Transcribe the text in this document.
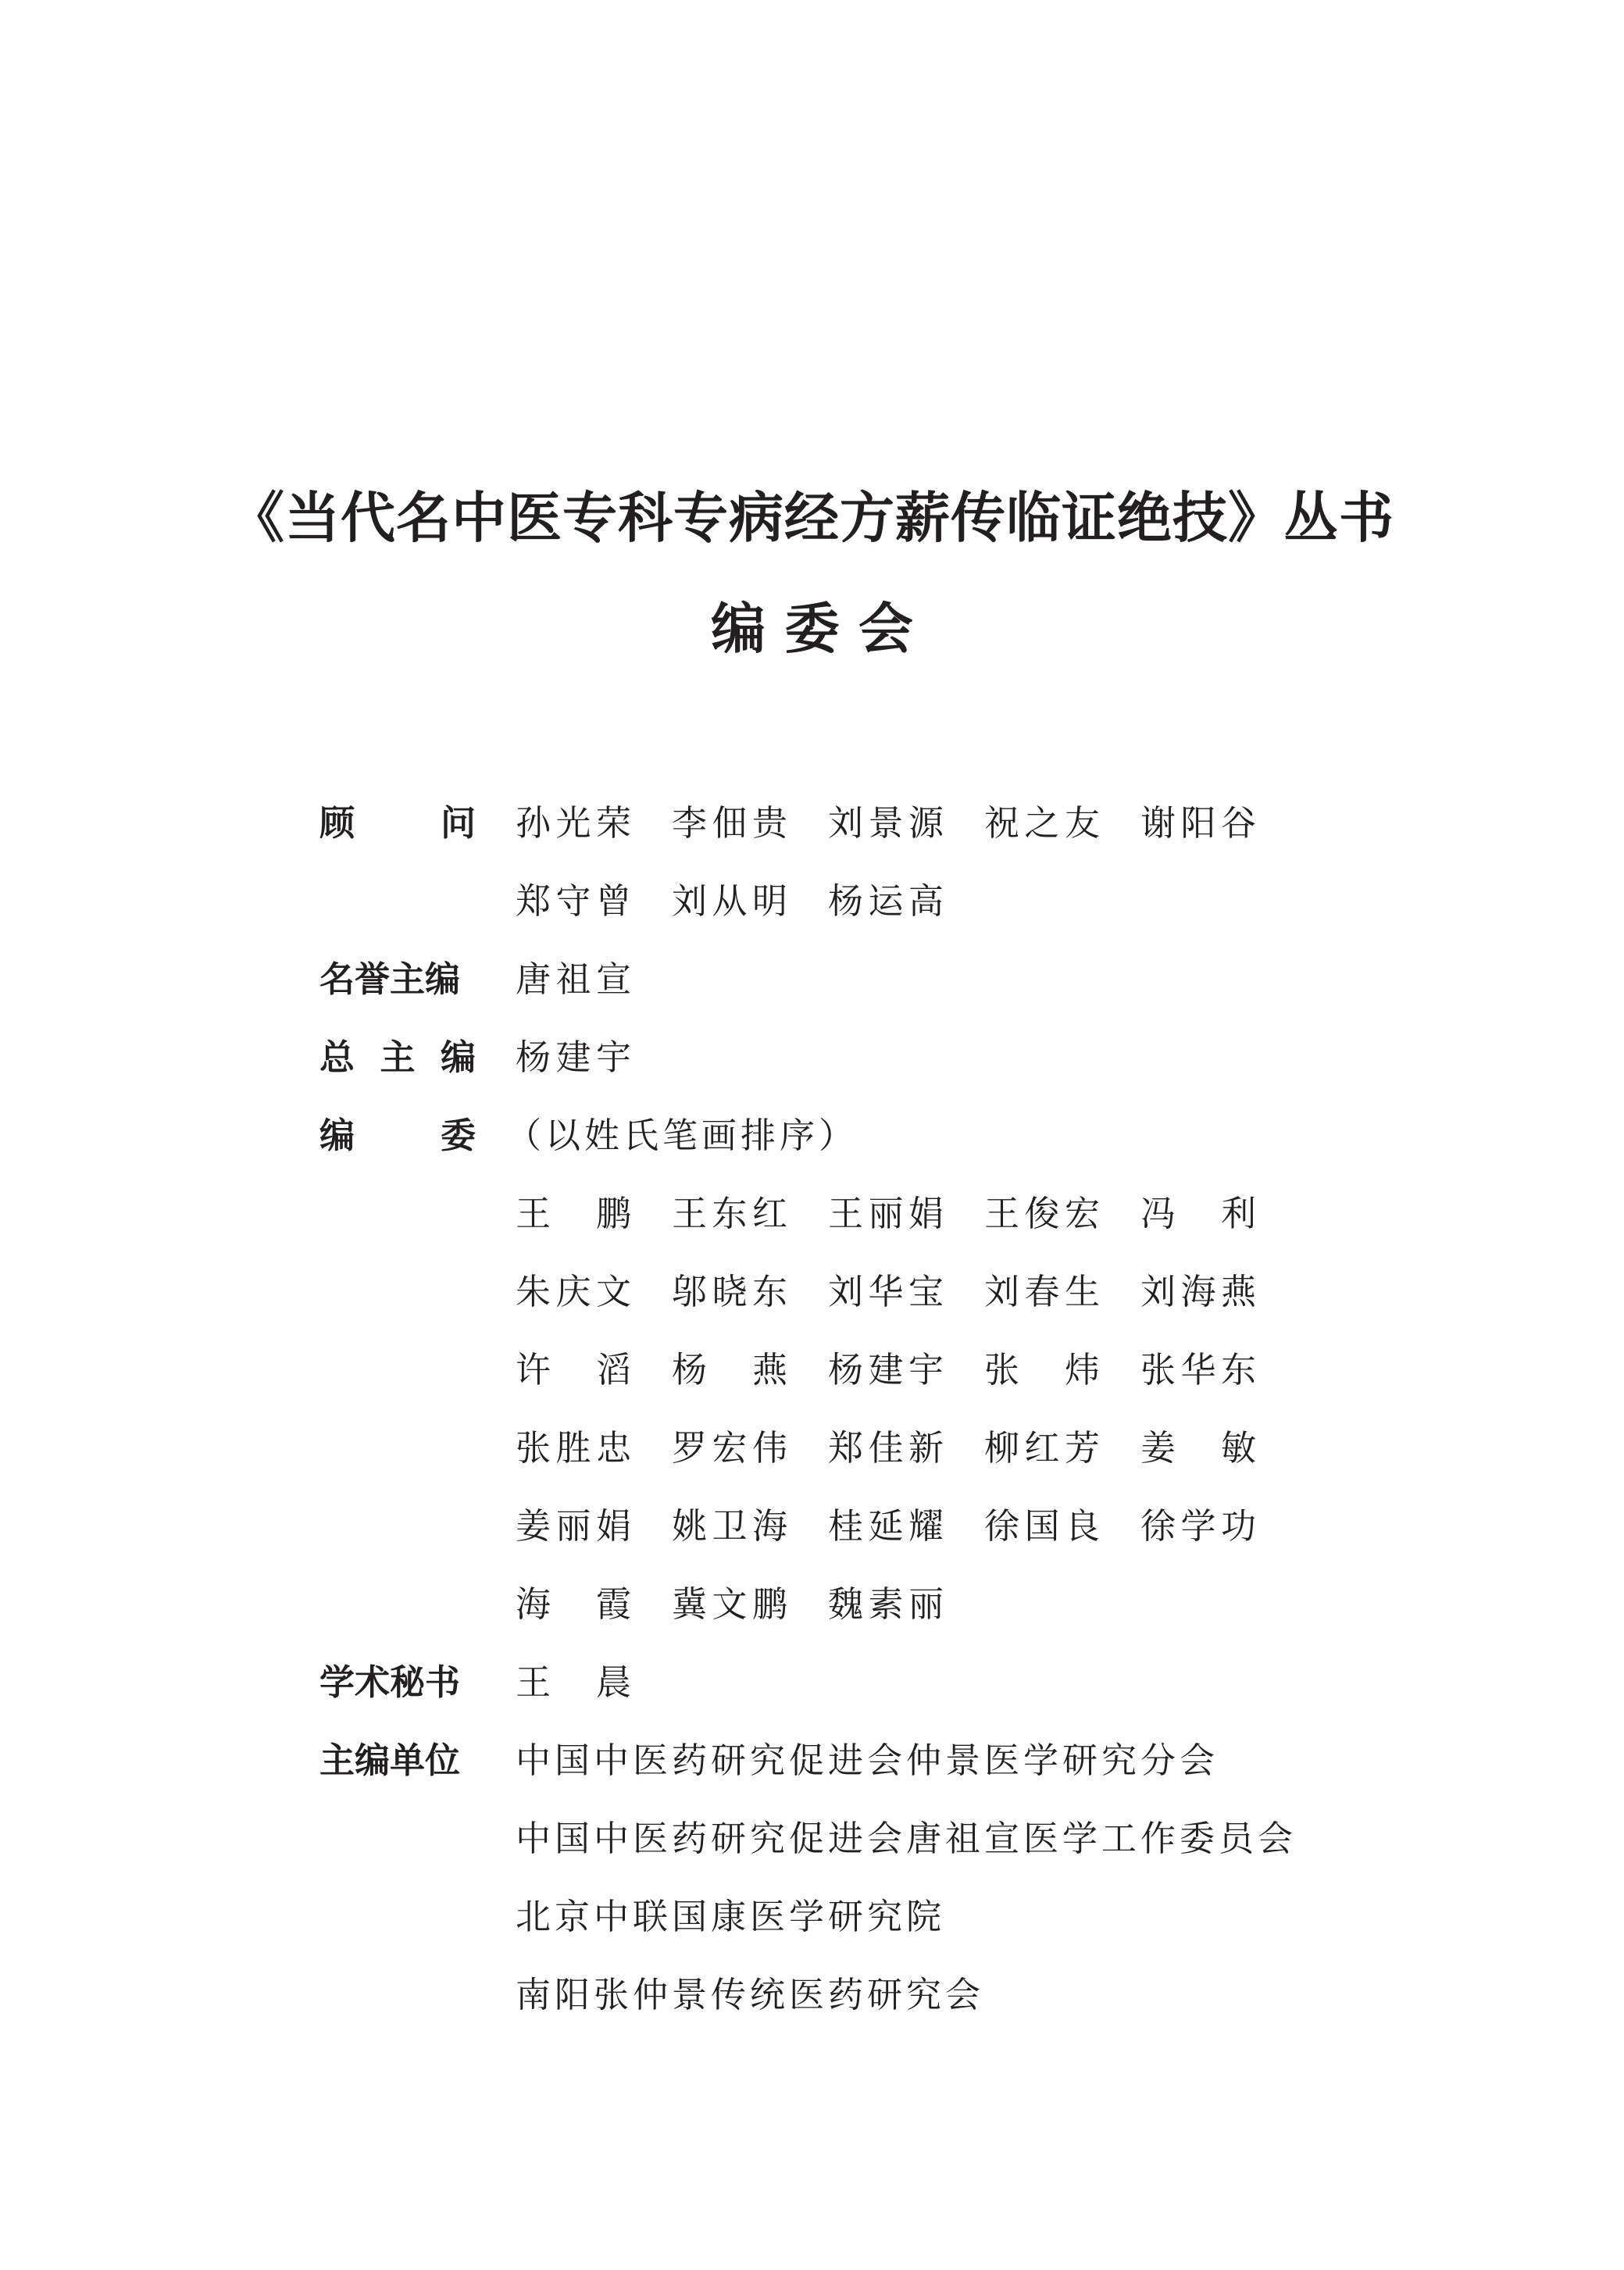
《当代名中医专科专病经方薪传临证绝技》丛书
编 委 会
顾问 孙光荣 李佃贵 刘景源 祝之友 谢阳谷
郑守曾 刘从明 杨运高
名誉主编	唐祖宣
总主编 杨建宇
编委 （以姓氏笔画排序）
王鹏 王东红 王丽娟 王俊宏 冯利
朱庆文 邬晓东 刘华宝 刘春生 刘海燕
许滔 杨燕 杨建宇 张炜 张华东
张胜忠 罗宏伟 郑佳新 柳红芳 姜敏
姜丽娟 姚卫海 桂延耀 徐国良 徐学功
海霞 冀文鹏 魏素丽
学术秘书	王晨
主编单位	中国中医药研究促进会仲景医学研究分会
中国中医药研究促进会唐祖宣医学工作委员会
北京中联国康医学研究院
南阳张仲景传统医药研究会
